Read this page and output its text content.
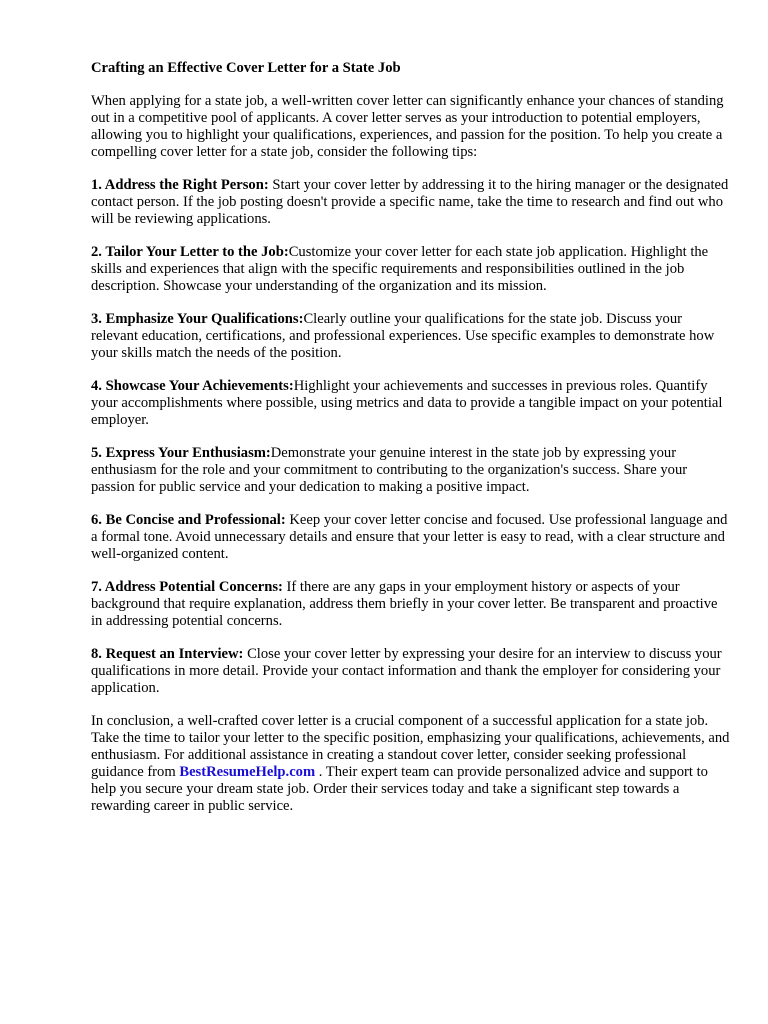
Crafting an Effective Cover Letter for a State Job

When applying for a state job, a well-written cover letter can significantly enhance your chances of standing out in a competitive pool of applicants. A cover letter serves as your introduction to potential employers, allowing you to highlight your qualifications, experiences, and passion for the position. To help you create a compelling cover letter for a state job, consider the following tips:

1. Address the Right Person: Start your cover letter by addressing it to the hiring manager or the designated contact person. If the job posting doesn't provide a specific name, take the time to research and find out who will be reviewing applications.

2. Tailor Your Letter to the Job:Customize your cover letter for each state job application. Highlight the skills and experiences that align with the specific requirements and responsibilities outlined in the job description. Showcase your understanding of the organization and its mission.

3. Emphasize Your Qualifications:Clearly outline your qualifications for the state job. Discuss your relevant education, certifications, and professional experiences. Use specific examples to demonstrate how your skills match the needs of the position.

4. Showcase Your Achievements:Highlight your achievements and successes in previous roles. Quantify your accomplishments where possible, using metrics and data to provide a tangible impact on your potential employer.

5. Express Your Enthusiasm:Demonstrate your genuine interest in the state job by expressing your enthusiasm for the role and your commitment to contributing to the organization's success. Share your passion for public service and your dedication to making a positive impact.

6. Be Concise and Professional: Keep your cover letter concise and focused. Use professional language and a formal tone. Avoid unnecessary details and ensure that your letter is easy to read, with a clear structure and well-organized content.

7. Address Potential Concerns: If there are any gaps in your employment history or aspects of your background that require explanation, address them briefly in your cover letter. Be transparent and proactive in addressing potential concerns.

8. Request an Interview: Close your cover letter by expressing your desire for an interview to discuss your qualifications in more detail. Provide your contact information and thank the employer for considering your application.

In conclusion, a well-crafted cover letter is a crucial component of a successful application for a state job. Take the time to tailor your letter to the specific position, emphasizing your qualifications, achievements, and enthusiasm. For additional assistance in creating a standout cover letter, consider seeking professional guidance from BestResumeHelp.com . Their expert team can provide personalized advice and support to help you secure your dream state job. Order their services today and take a significant step towards a rewarding career in public service.
